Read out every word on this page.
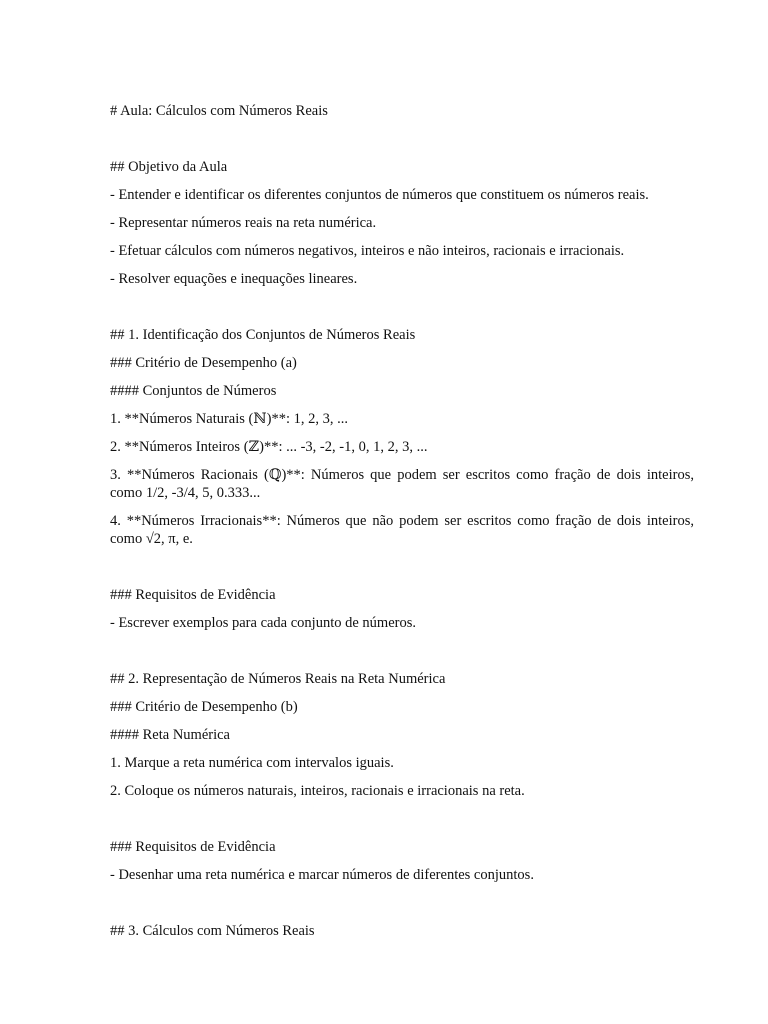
# Aula: Cálculos com Números Reais

## Objetivo da Aula

- Entender e identificar os diferentes conjuntos de números que constituem os números reais.

- Representar números reais na reta numérica.

- Efetuar cálculos com números negativos, inteiros e não inteiros, racionais e irracionais.

- Resolver equações e inequações lineares.

## 1. Identificação dos Conjuntos de Números Reais

### Critério de Desempenho (a)

#### Conjuntos de Números

1. **Números Naturais (ℕ)**: 1, 2, 3, ...

2. **Números Inteiros (ℤ)**: ... -3, -2, -1, 0, 1, 2, 3, ...

3. **Números Racionais (ℚ)**: Números que podem ser escritos como fração de dois inteiros, como 1/2, -3/4, 5, 0.333...

4. **Números Irracionais**: Números que não podem ser escritos como fração de dois inteiros, como √2, π, e.

### Requisitos de Evidência

- Escrever exemplos para cada conjunto de números.

## 2. Representação de Números Reais na Reta Numérica

### Critério de Desempenho (b)

#### Reta Numérica

1. Marque a reta numérica com intervalos iguais.

2. Coloque os números naturais, inteiros, racionais e irracionais na reta.

### Requisitos de Evidência

- Desenhar uma reta numérica e marcar números de diferentes conjuntos.

## 3. Cálculos com Números Reais
